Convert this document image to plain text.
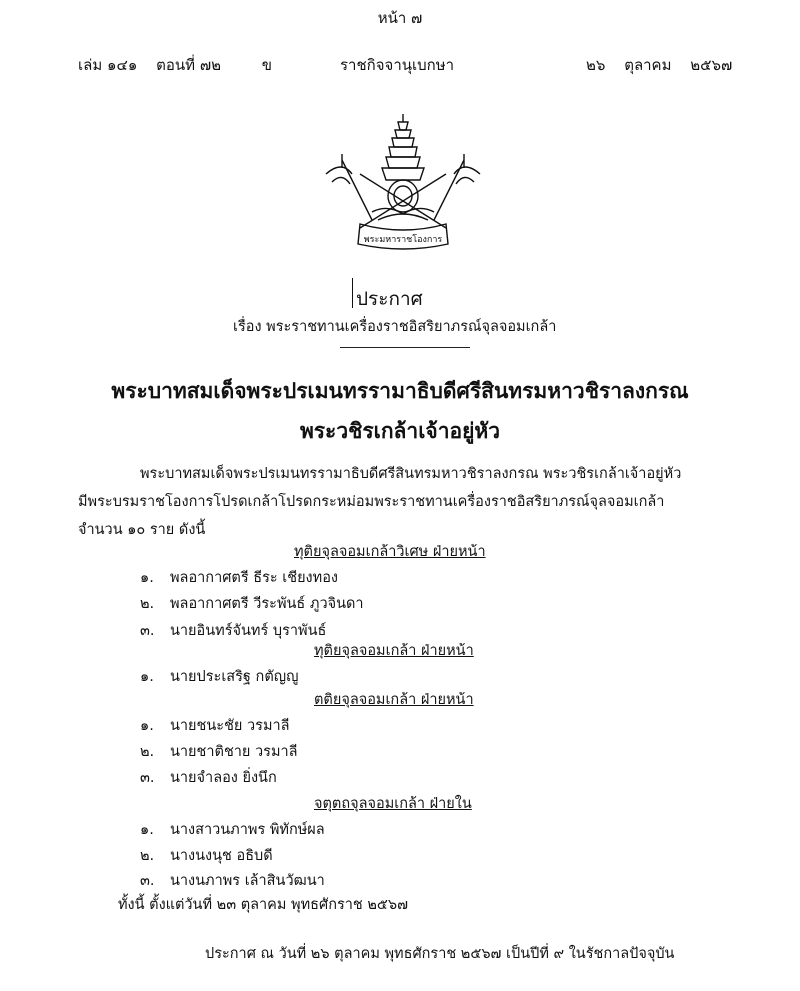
หน้า ๗
เล่ม ๑๔๑ ตอนที่ ๗๒	ข	ราชกิจจานุเบกษา	๒๖ ตุลาคม ๒๕๖๗
พระมหาราชโองการ
ประกาศ
เรื่อง พระราชทานเครื่องราชอิสริยาภรณ์จุลจอมเกล้า
พระบาทสมเด็จพระปรเมนทรรามาธิบดีศรีสินทรมหาวชิราลงกรณ
พระวชิรเกล้าเจ้าอยู่หัว
พระบาทสมเด็จพระปรเมนทรรามาธิบดีศรีสินทรมหาวชิราลงกรณ พระวชิรเกล้าเจ้าอยู่หัว
มีพระบรมราชโองการโปรดเกล้าโปรดกระหม่อมพระราชทานเครื่องราชอิสริยาภรณ์จุลจอมเกล้า
จำนวน ๑๐ ราย ดังนี้
ทุติยจุลจอมเกล้าวิเศษ ฝ่ายหน้า
๑. พลอากาศตรี ธีระ เชียงทอง
๒. พลอากาศตรี วีระพันธ์ ภูวจินดา
๓. นายอินทร์จันทร์ บุราพันธ์
ทุติยจุลจอมเกล้า ฝ่ายหน้า
๑. นายประเสริฐ กตัญญู
ตติยจุลจอมเกล้า ฝ่ายหน้า
๑. นายชนะชัย วรมาลี
๒. นายชาติชาย วรมาลี
๓. นายจำลอง ยิ่งนึก
จตุตถจุลจอมเกล้า ฝ่ายใน
๑. นางสาวนภาพร พิทักษ์ผล
๒. นางนงนุช อธิบดี
๓. นางนภาพร เล้าสินวัฒนา
ทั้งนี้ ตั้งแต่วันที่ ๒๓ ตุลาคม พุทธศักราช ๒๕๖๗
ประกาศ ณ วันที่ ๒๖ ตุลาคม พุทธศักราช ๒๕๖๗ เป็นปีที่ ๙ ในรัชกาลปัจจุบัน
